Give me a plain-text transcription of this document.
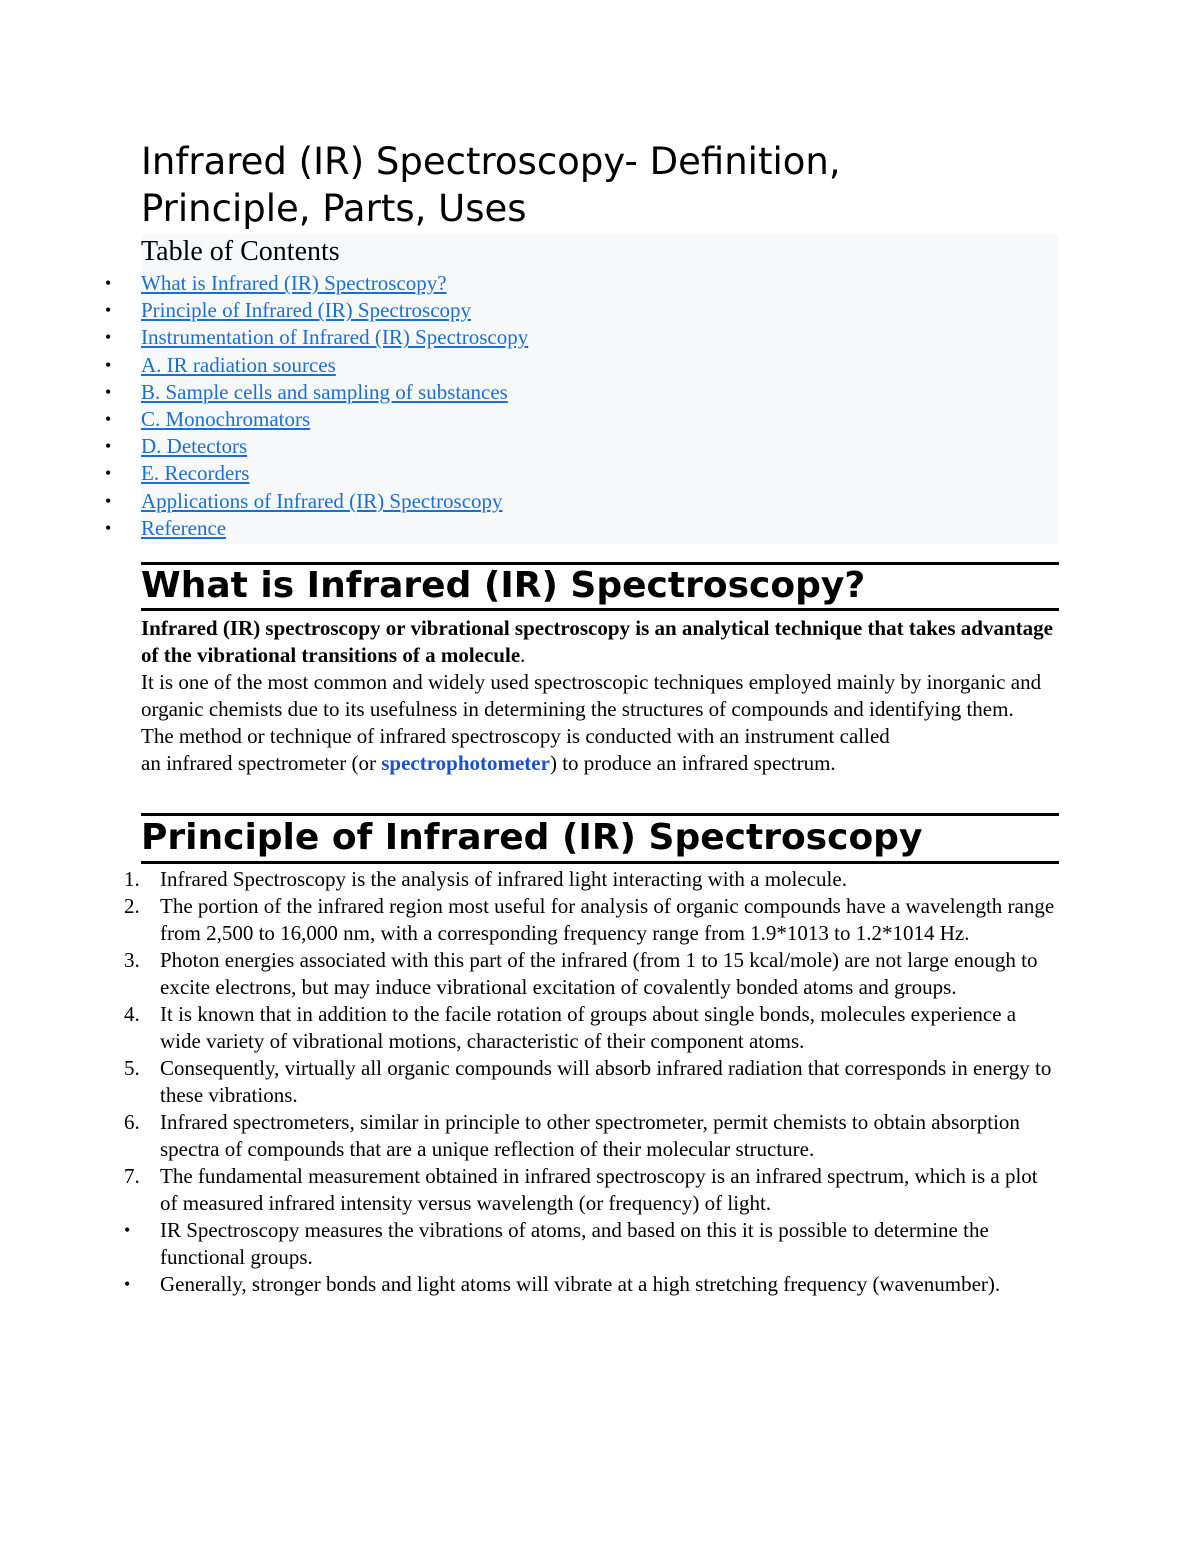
Infrared (IR) Spectroscopy- Definition,
Principle, Parts, Uses
Table of Contents
• What is Infrared (IR) Spectroscopy?
• Principle of Infrared (IR) Spectroscopy
• Instrumentation of Infrared (IR) Spectroscopy
• A. IR radiation sources
• B. Sample cells and sampling of substances
• C. Monochromators
• D. Detectors
• E. Recorders
• Applications of Infrared (IR) Spectroscopy
• Reference
What is Infrared (IR) Spectroscopy?

Infrared (IR) spectroscopy or vibrational spectroscopy is an analytical technique that takes advantage of the vibrational transitions of a molecule.

It is one of the most common and widely used spectroscopic techniques employed mainly by inorganic and organic chemists due to its usefulness in determining the structures of compounds and identifying them.

The method or technique of infrared spectroscopy is conducted with an instrument called
an infrared spectrometer (or spectrophotometer) to produce an infrared spectrum.

Principle of Infrared (IR) Spectroscopy
1. Infrared Spectroscopy is the analysis of infrared light interacting with a molecule.
2. The portion of the infrared region most useful for analysis of organic compounds have a wavelength range from 2,500 to 16,000 nm, with a corresponding frequency range from 1.9*1013 to 1.2*1014 Hz.
3. Photon energies associated with this part of the infrared (from 1 to 15 kcal/mole) are not large enough to excite electrons, but may induce vibrational excitation of covalently bonded atoms and groups.
4. It is known that in addition to the facile rotation of groups about single bonds, molecules experience a wide variety of vibrational motions, characteristic of their component atoms.
5. Consequently, virtually all organic compounds will absorb infrared radiation that corresponds in energy to these vibrations.
6. Infrared spectrometers, similar in principle to other spectrometer, permit chemists to obtain absorption spectra of compounds that are a unique reflection of their molecular structure.
7. The fundamental measurement obtained in infrared spectroscopy is an infrared spectrum, which is a plot of measured infrared intensity versus wavelength (or frequency) of light.
• IR Spectroscopy measures the vibrations of atoms, and based on this it is possible to determine the functional groups.
• Generally, stronger bonds and light atoms will vibrate at a high stretching frequency (wavenumber).
